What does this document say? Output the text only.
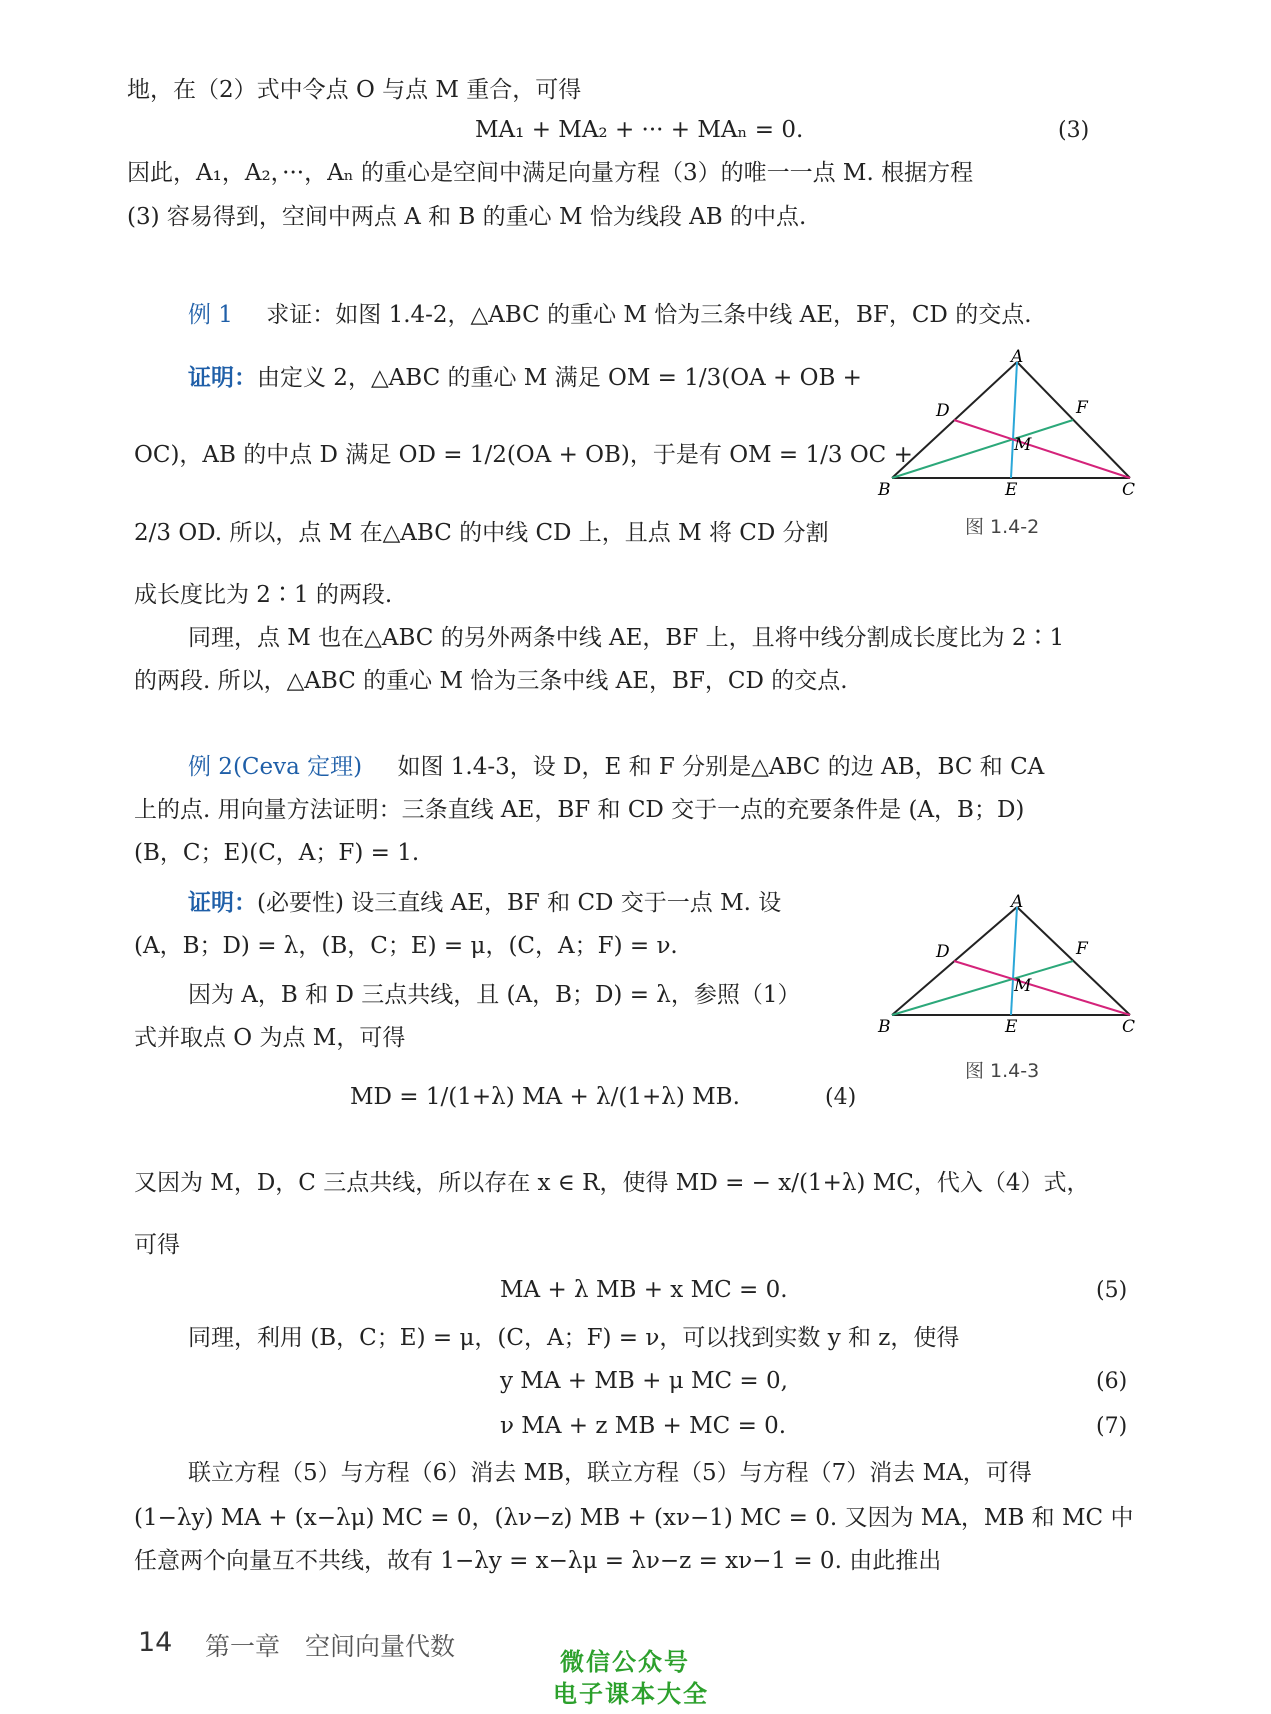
地，在（2）式中令点 O 与点 M 重合，可得
MA₁ + MA₂ + ··· + MAₙ = 0.	(3)
因此，A₁，A₂，···，Aₙ 的重心是空间中满足向量方程（3）的唯一一点 M. 根据方程
(3) 容易得到，空间中两点 A 和 B 的重心 M 恰为线段 AB 的中点.
例 1 求证：如图 1.4-2，△ABC 的重心 M 恰为三条中线 AE，BF，CD 的交点.
证明：由定义 2，△ABC 的重心 M 满足 OM = 1/3(OA + OB +
OC)，AB 的中点 D 满足 OD = 1/2(OA + OB)，于是有 OM = 1/3 OC +
2/3 OD. 所以，点 M 在△ABC 的中线 CD 上，且点 M 将 CD 分割
成长度比为 2∶1 的两段.
同理，点 M 也在△ABC 的另外两条中线 AE，BF 上，且将中线分割成长度比为 2∶1
的两段. 所以，△ABC 的重心 M 恰为三条中线 AE，BF，CD 的交点.
A
B	C
D
E
F
M
图 1.4-2
例 2(Ceva 定理) 如图 1.4-3，设 D，E 和 F 分别是△ABC 的边 AB，BC 和 CA
上的点. 用向量方法证明：三条直线 AE，BF 和 CD 交于一点的充要条件是 (A，B；D)
(B，C；E)(C，A；F) = 1.
证明：(必要性) 设三直线 AE，BF 和 CD 交于一点 M. 设
(A，B；D) = λ，(B，C；E) = μ，(C，A；F) = ν.
因为 A，B 和 D 三点共线，且 (A，B；D) = λ，参照（1）
式并取点 O 为点 M，可得
MD = 1/(1+λ) MA + λ/(1+λ) MB.	(4)
A
B	C
D
E
F
M
图 1.4-3
又因为 M，D，C 三点共线，所以存在 x ∈ R，使得 MD = − x/(1+λ) MC，代入（4）式，
可得
MA + λ MB + x MC = 0.	(5)
同理，利用 (B，C；E) = μ，(C，A；F) = ν，可以找到实数 y 和 z，使得
y MA + MB + μ MC = 0,	(6)
ν MA + z MB + MC = 0.	(7)
联立方程（5）与方程（6）消去 MB，联立方程（5）与方程（7）消去 MA，可得
(1−λy) MA + (x−λμ) MC = 0，(λν−z) MB + (xν−1) MC = 0. 又因为 MA，MB 和 MC 中
任意两个向量互不共线，故有 1−λy = x−λμ = λν−z = xν−1 = 0. 由此推出
14 第一章　空间向量代数
微信公众号
电子课本大全
